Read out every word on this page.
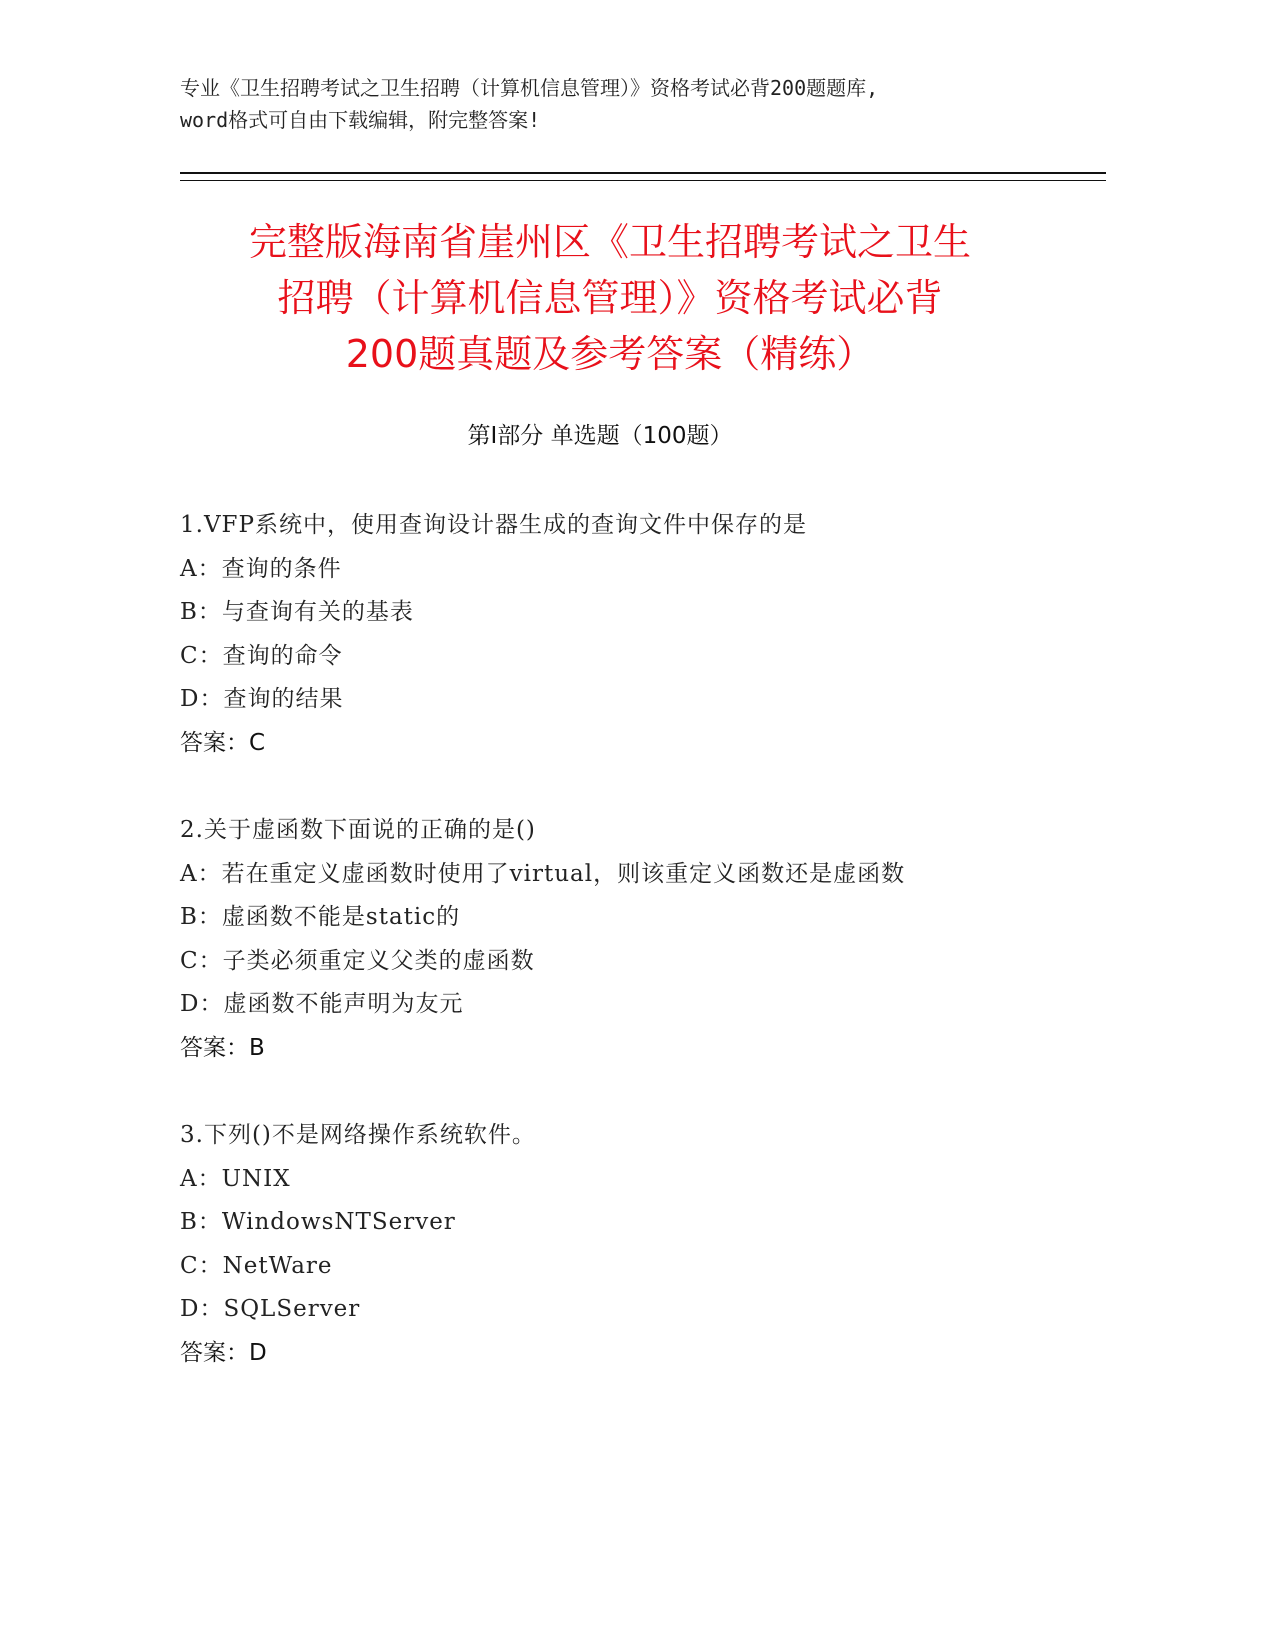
专业《卫生招聘考试之卫生招聘（计算机信息管理）》资格考试必背200题题库,
word格式可自由下载编辑，附完整答案!
完整版海南省崖州区《卫生招聘考试之卫生
招聘（计算机信息管理）》资格考试必背
200题真题及参考答案（精练）
第Ⅰ部分 单选题（100题）
1.VFP系统中，使用查询设计器生成的查询文件中保存的是
A：查询的条件
B：与查询有关的基表
C：查询的命令
D：查询的结果
答案：C
2.关于虚函数下面说的正确的是()
A：若在重定义虚函数时使用了virtual，则该重定义函数还是虚函数
B：虚函数不能是static的
C：子类必须重定义父类的虚函数
D：虚函数不能声明为友元
答案：B
3.下列()不是网络操作系统软件。
A：UNIX
B：WindowsNTServer
C：NetWare
D：SQLServer
答案：D
